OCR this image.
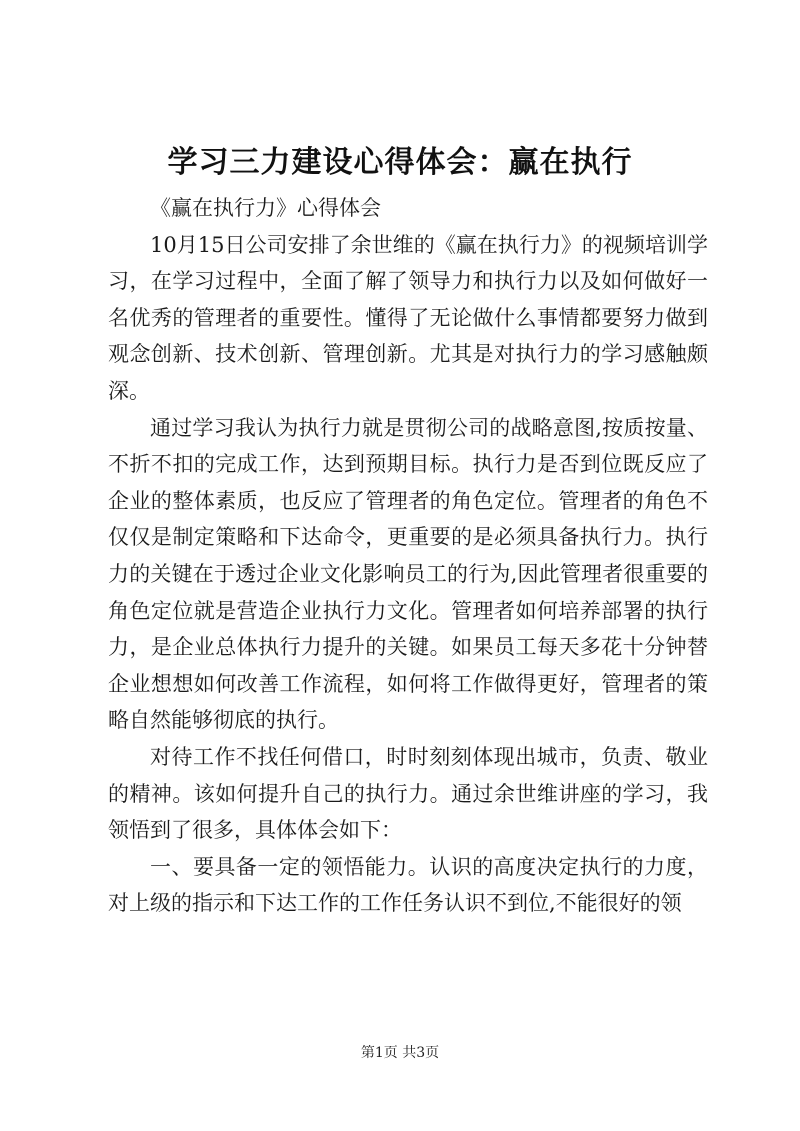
学习三力建设心得体会：赢在执行

《赢在执行力》心得体会

10月15日公司安排了余世维的《赢在执行力》的视频培训学习，在学习过程中，全面了解了领导力和执行力以及如何做好一名优秀的管理者的重要性。懂得了无论做什么事情都要努力做到观念创新、技术创新、管理创新。尤其是对执行力的学习感触颇深。

通过学习我认为执行力就是贯彻公司的战略意图,按质按量、不折不扣的完成工作，达到预期目标。执行力是否到位既反应了企业的整体素质，也反应了管理者的角色定位。管理者的角色不仅仅是制定策略和下达命令，更重要的是必须具备执行力。执行力的关键在于透过企业文化影响员工的行为,因此管理者很重要的角色定位就是营造企业执行力文化。管理者如何培养部署的执行力，是企业总体执行力提升的关键。如果员工每天多花十分钟替企业想想如何改善工作流程，如何将工作做得更好，管理者的策略自然能够彻底的执行。

对待工作不找任何借口，时时刻刻体现出城市，负责、敬业的精神。该如何提升自己的执行力。通过余世维讲座的学习，我领悟到了很多，具体体会如下：

一、要具备一定的领悟能力。认识的高度决定执行的力度，对上级的指示和下达工作的工作任务认识不到位,不能很好的领

第1页 共3页
